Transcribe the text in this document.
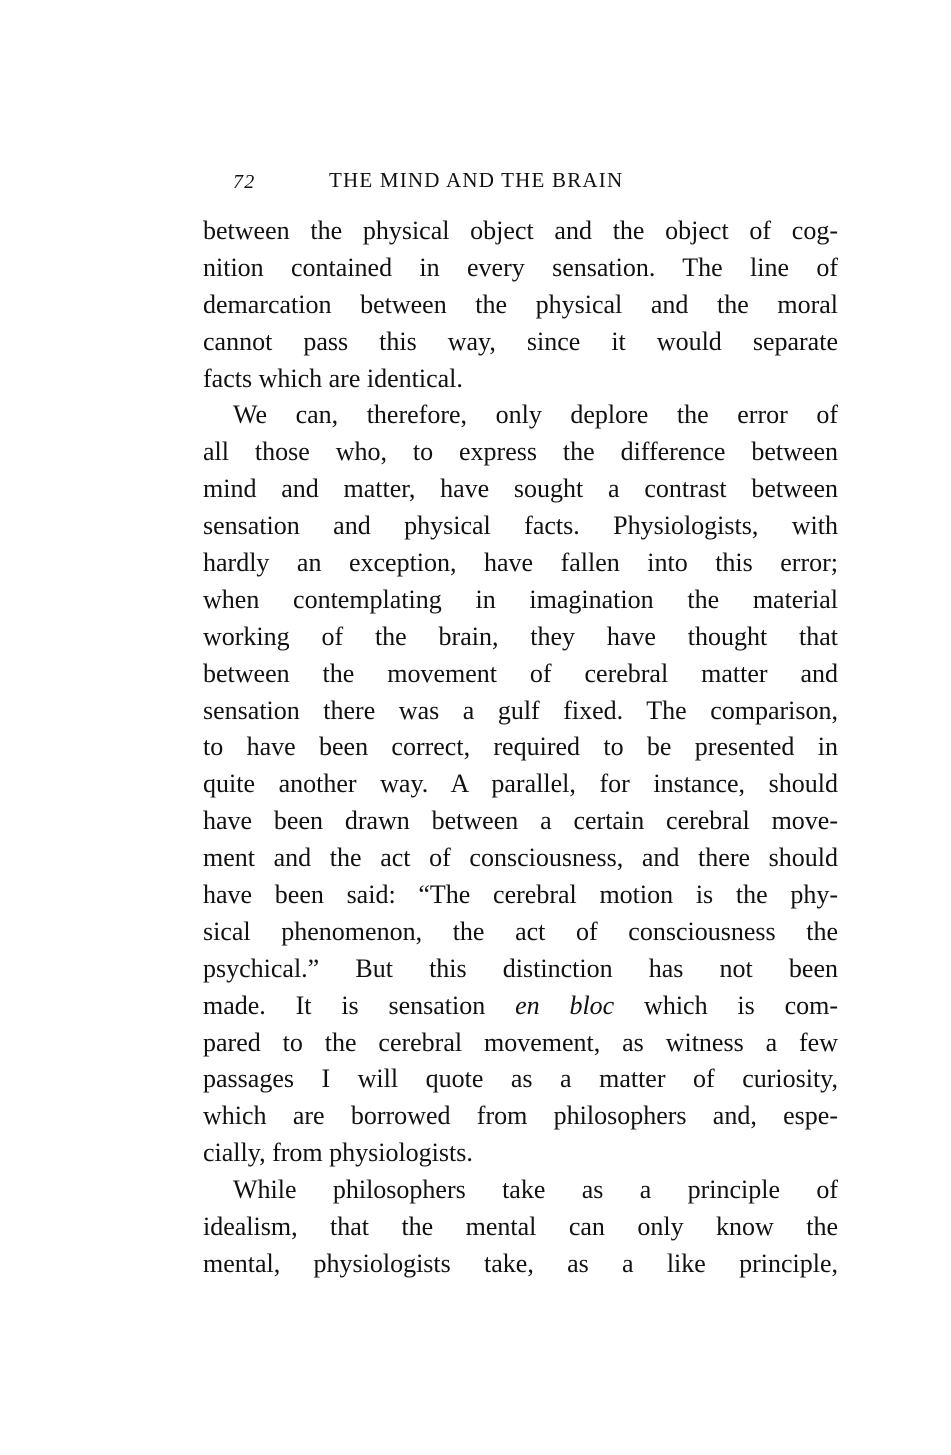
72	THE MIND AND THE BRAIN
between the physical object and the object of cog-
nition contained in every sensation. The line of
demarcation between the physical and the moral
cannot pass this way, since it would separate
facts which are identical.
We can, therefore, only deplore the error of
all those who, to express the difference between
mind and matter, have sought a contrast between
sensation and physical facts. Physiologists, with
hardly an exception, have fallen into this error;
when contemplating in imagination the material
working of the brain, they have thought that
between the movement of cerebral matter and
sensation there was a gulf fixed. The comparison,
to have been correct, required to be presented in
quite another way. A parallel, for instance, should
have been drawn between a certain cerebral move-
ment and the act of consciousness, and there should
have been said: “The cerebral motion is the phy-
sical phenomenon, the act of consciousness the
psychical.” But this distinction has not been
made. It is sensation en bloc which is com-
pared to the cerebral movement, as witness a few
passages I will quote as a matter of curiosity,
which are borrowed from philosophers and, espe-
cially, from physiologists.
While philosophers take as a principle of
idealism, that the mental can only know the
mental, physiologists take, as a like principle,
